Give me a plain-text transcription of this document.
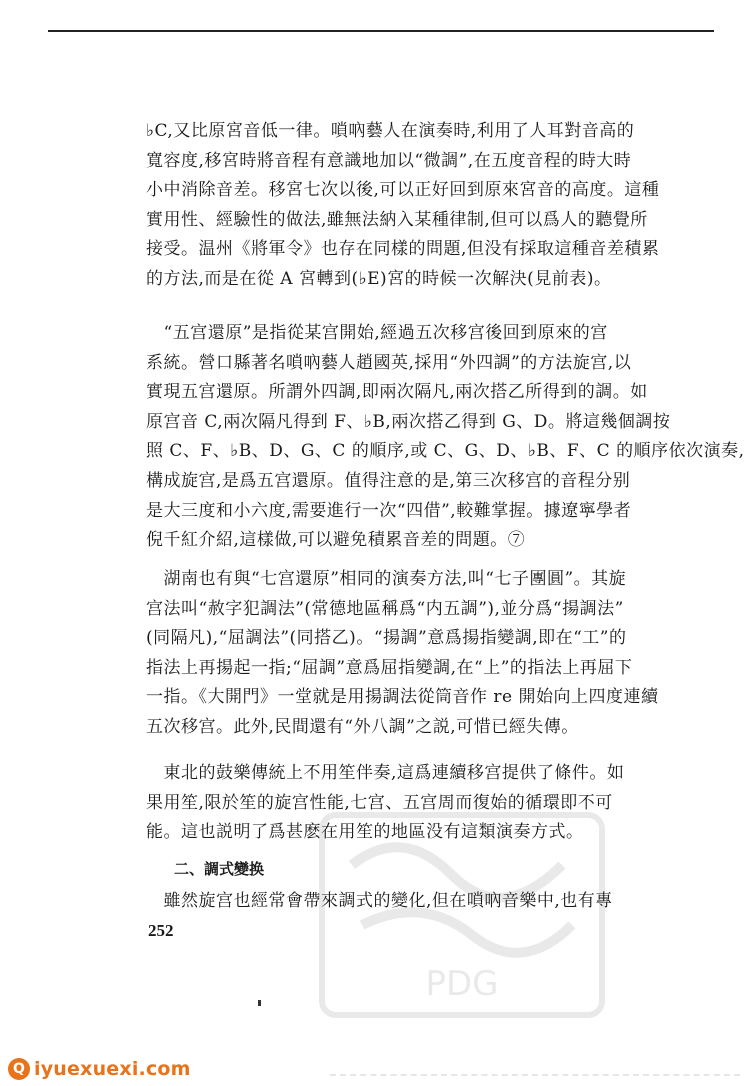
♭C,又比原宮音低一律。嗩吶藝人在演奏時,利用了人耳對音高的
寬容度,移宮時將音程有意識地加以“微調”,在五度音程的時大時
小中消除音差。移宮七次以後,可以正好回到原來宮音的高度。這種
實用性、經驗性的做法,雖無法納入某種律制,但可以爲人的聽覺所
接受。温州《將軍令》也存在同樣的問題,但没有採取這種音差積累
的方法,而是在從 A 宮轉到(♭E)宮的時候一次解決(見前表)。
　“五宫還原”是指從某宫開始,經過五次移宫後回到原來的宫
系統。營口縣著名嗩吶藝人趙國英,採用“外四調”的方法旋宫,以
實現五宫還原。所謂外四調,即兩次隔凡,兩次搭乙所得到的調。如
原宫音 C,兩次隔凡得到 F、♭B,兩次搭乙得到 G、D。將這幾個調按
照 C、F、♭B、D、G、C 的順序,或 C、G、D、♭B、F、C 的順序依次演奏,
構成旋宫,是爲五宫還原。值得注意的是,第三次移宫的音程分别
是大三度和小六度,需要進行一次“四借”,較難掌握。據遼寧學者
倪千紅介紹,這樣做,可以避免積累音差的問題。⑦
　湖南也有與“七宫還原”相同的演奏方法,叫“七子團圓”。其旋
宫法叫“赦字犯調法”(常德地區稱爲“内五調”),並分爲“揚調法”
(同隔凡),“屈調法”(同搭乙)。“揚調”意爲揚指變調,即在“工”的
指法上再揚起一指;“屈調”意爲屈指變調,在“上”的指法上再屈下
一指。《大開門》一堂就是用揚調法從筒音作 re 開始向上四度連續
五次移宫。此外,民間還有“外八調”之説,可惜已經失傳。
　東北的鼓樂傳統上不用笙伴奏,這爲連續移宫提供了條件。如
果用笙,限於笙的旋宫性能,七宫、五宫周而復始的循環即不可
能。這也説明了爲甚麽在用笙的地區没有這類演奏方式。
二、調式變换
　雖然旋宫也經常會帶來調式的變化,但在嗩吶音樂中,也有專
252
PDG
Q iyuexuexi.com
